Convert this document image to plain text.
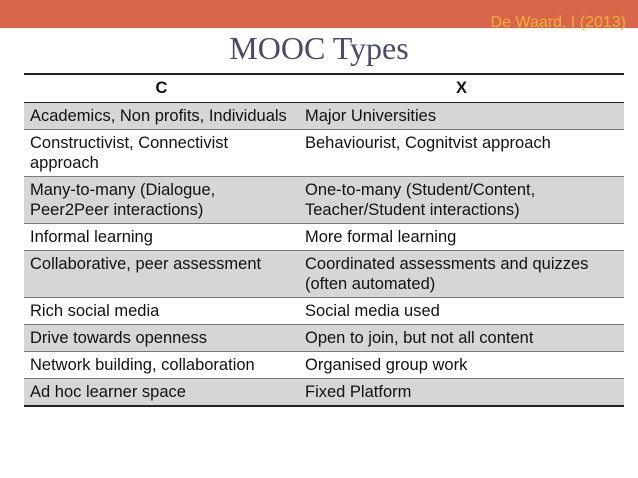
De Waard, I (2013)
MOOC Types
C	X
Academics, Non profits, Individuals	Major Universities
Constructivist, Connectivist approach	Behaviourist, Cognitvist approach
Many-to-many (Dialogue, Peer2Peer interactions)	One-to-many (Student/Content, Teacher/Student interactions)
Informal learning	More formal learning
Collaborative, peer assessment	Coordinated assessments and quizzes (often automated)
Rich social media	Social media used
Drive towards openness	Open to join, but not all content
Network building, collaboration	Organised group work
Ad hoc learner space	Fixed Platform
